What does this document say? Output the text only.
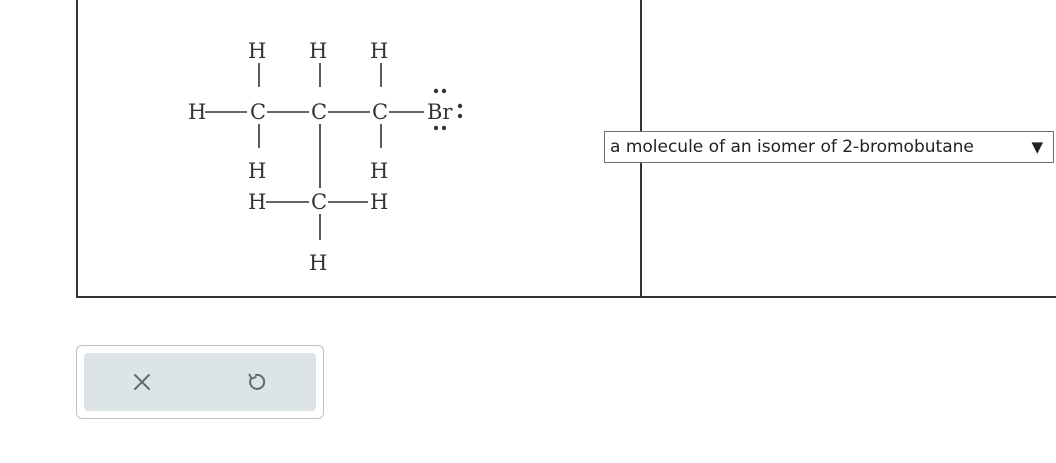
H H H
H C C C Br
H	H
H C H
H
a molecule of an isomer of 2-bromobutane	▼
